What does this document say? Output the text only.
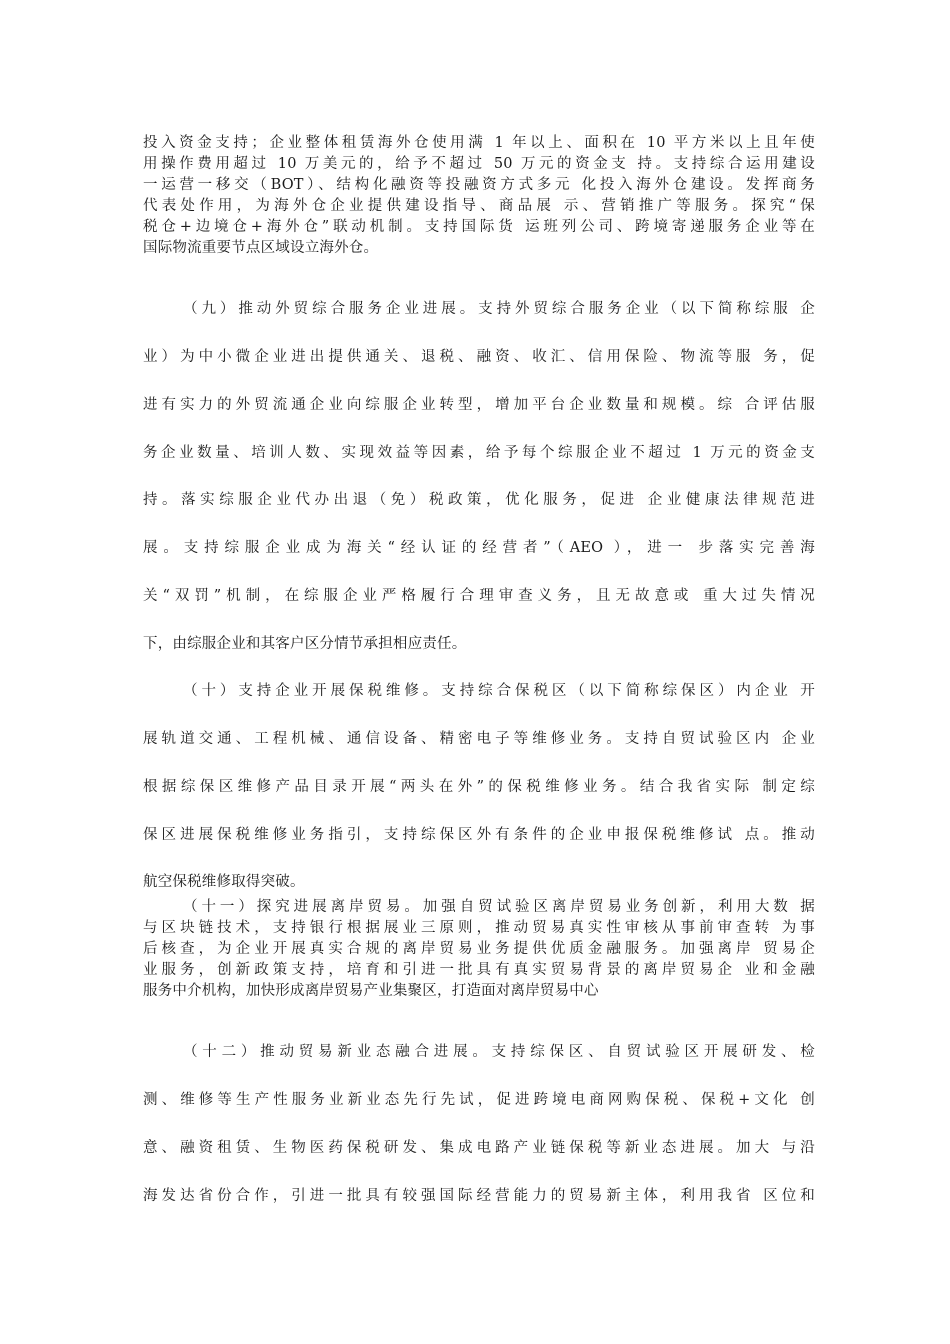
投入资金支持；企业整体租赁海外仓使用满 1 年以上、面积在 10 平方米以上且年使
用操作费用超过 10 万美元的，给予不超过 50 万元的资金支 持。支持综合运用建设
一运营一移交（BOT）、结构化融资等投融资方式多元 化投入海外仓建设。发挥商务
代表处作用，为海外仓企业提供建设指导、商品展 示、营销推广等服务。探究“保
税仓+边境仓+海外仓”联动机制。支持国际货 运班列公司、跨境寄递服务企业等在
国际物流重要节点区域设立海外仓。
（九）推动外贸综合服务企业进展。支持外贸综合服务企业（以下简称综服 企
业）为中小微企业进出提供通关、退税、融资、收汇、信用保险、物流等服 务，促
进有实力的外贸流通企业向综服企业转型，增加平台企业数量和规模。综 合评估服
务企业数量、培训人数、实现效益等因素，给予每个综服企业不超过 1 万元的资金支
持。落实综服企业代办出退（免）税政策，优化服务，促进 企业健康法律规范进
展。支持综服企业成为海关“经认证的经营者”（AEO ），进一 步落实完善海
关“双罚”机制，在综服企业严格履行合理审查义务，且无故意或 重大过失情况
下，由综服企业和其客户区分情节承担相应责任。
（十）支持企业开展保税维修。支持综合保税区（以下简称综保区）内企业 开
展轨道交通、工程机械、通信设备、精密电子等维修业务。支持自贸试验区内 企业
根据综保区维修产品目录开展“两头在外”的保税维修业务。结合我省实际 制定综
保区进展保税维修业务指引，支持综保区外有条件的企业申报保税维修试 点。推动
航空保税维修取得突破。
（十一）探究进展离岸贸易。加强自贸试验区离岸贸易业务创新，利用大数 据
与区块链技术，支持银行根据展业三原则，推动贸易真实性审核从事前审查转 为事
后核查，为企业开展真实合规的离岸贸易业务提供优质金融服务。加强离岸 贸易企
业服务，创新政策支持，培育和引进一批具有真实贸易背景的离岸贸易企 业和金融
服务中介机构，加快形成离岸贸易产业集聚区，打造面对离岸贸易中心
（十二）推动贸易新业态融合进展。支持综保区、自贸试验区开展研发、检
测、维修等生产性服务业新业态先行先试，促进跨境电商网购保税、保税+文化 创
意、融资租赁、生物医药保税研发、集成电路产业链保税等新业态进展。加大 与沿
海发达省份合作，引进一批具有较强国际经营能力的贸易新主体，利用我省 区位和
